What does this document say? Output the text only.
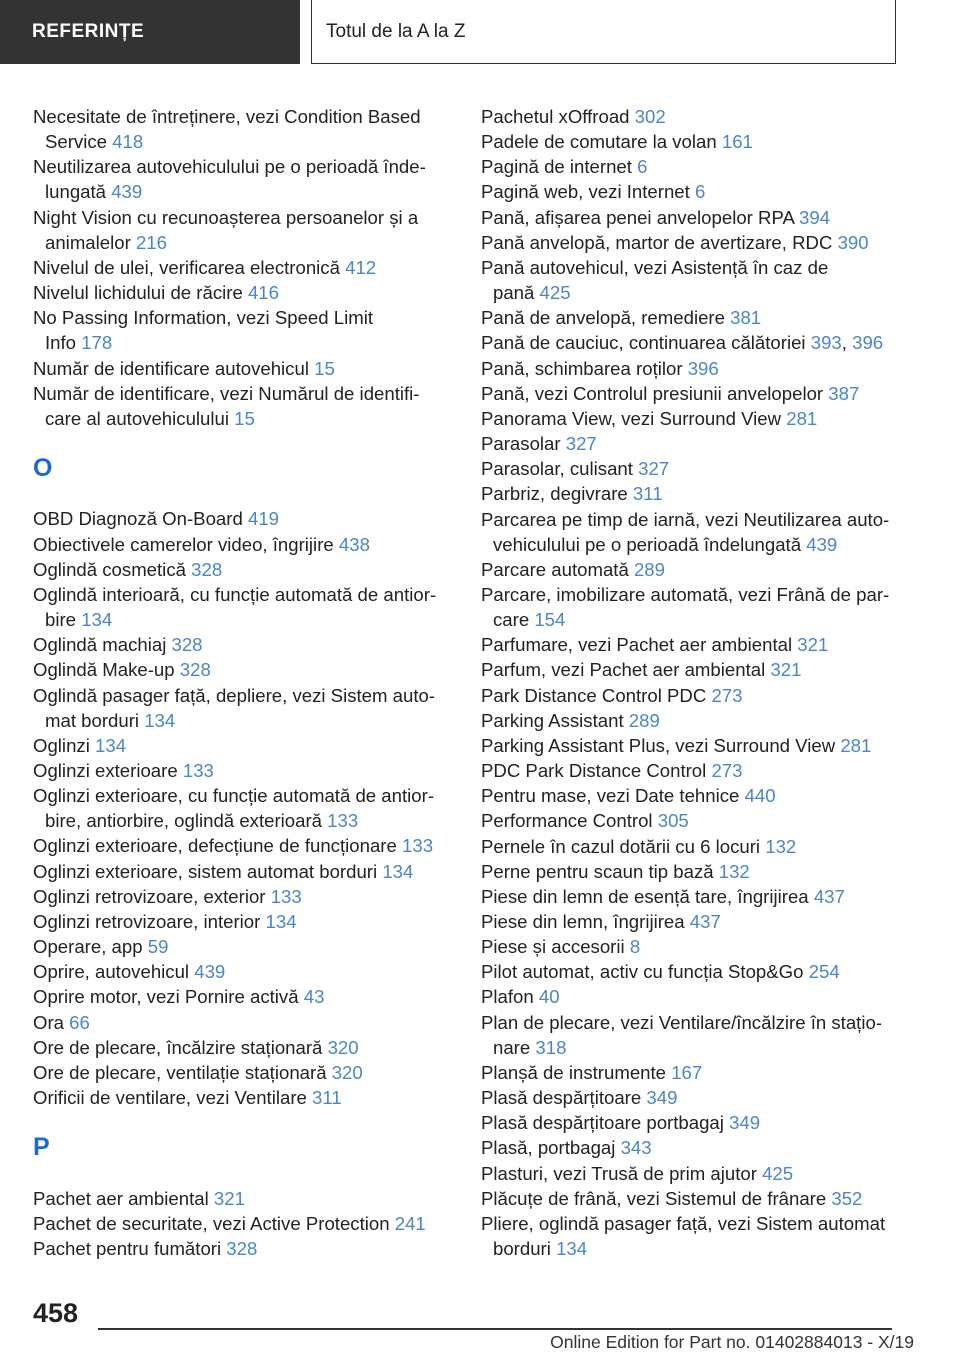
REFERINȚE	Totul de la A la Z
Necesitate de întreținere, vezi Condition Based
Service 418
Neutilizarea autovehiculului pe o perioadă înde‐
lungată 439
Night Vision cu recunoașterea persoanelor și a
animalelor 216
Nivelul de ulei, verificarea electronică 412
Nivelul lichidului de răcire 416
No Passing Information, vezi Speed Limit
Info 178
Număr de identificare autovehicul 15
Număr de identificare, vezi Numărul de identifi‐
care al autovehiculului 15
O
OBD Diagnoză On-Board 419
Obiectivele camerelor video, îngrijire 438
Oglindă cosmetică 328
Oglindă interioară, cu funcție automată de antior‐
bire 134
Oglindă machiaj 328
Oglindă Make-up 328
Oglindă pasager față, depliere, vezi Sistem auto‐
mat borduri 134
Oglinzi 134
Oglinzi exterioare 133
Oglinzi exterioare, cu funcție automată de antior‐
bire, antiorbire, oglindă exterioară 133
Oglinzi exterioare, defecțiune de funcționare 133
Oglinzi exterioare, sistem automat borduri 134
Oglinzi retrovizoare, exterior 133
Oglinzi retrovizoare, interior 134
Operare, app 59
Oprire, autovehicul 439
Oprire motor, vezi Pornire activă 43
Ora 66
Ore de plecare, încălzire staționară 320
Ore de plecare, ventilație staționară 320
Orificii de ventilare, vezi Ventilare 311
P
Pachet aer ambiental 321
Pachet de securitate, vezi Active Protection 241
Pachet pentru fumători 328
Pachetul xOffroad 302
Padele de comutare la volan 161
Pagină de internet 6
Pagină web, vezi Internet 6
Pană, afișarea penei anvelopelor RPA 394
Pană anvelopă, martor de avertizare, RDC 390
Pană autovehicul, vezi Asistență în caz de
pană 425
Pană de anvelopă, remediere 381
Pană de cauciuc, continuarea călătoriei 393, 396
Pană, schimbarea roților 396
Pană, vezi Controlul presiunii anvelopelor 387
Panorama View, vezi Surround View 281
Parasolar 327
Parasolar, culisant 327
Parbriz, degivrare 311
Parcarea pe timp de iarnă, vezi Neutilizarea auto‐
vehiculului pe o perioadă îndelungată 439
Parcare automată 289
Parcare, imobilizare automată, vezi Frână de par‐
care 154
Parfumare, vezi Pachet aer ambiental 321
Parfum, vezi Pachet aer ambiental 321
Park Distance Control PDC 273
Parking Assistant 289
Parking Assistant Plus, vezi Surround View 281
PDC Park Distance Control 273
Pentru mase, vezi Date tehnice 440
Performance Control 305
Pernele în cazul dotării cu 6 locuri 132
Perne pentru scaun tip bază 132
Piese din lemn de esență tare, îngrijirea 437
Piese din lemn, îngrijirea 437
Piese și accesorii 8
Pilot automat, activ cu funcția Stop&Go 254
Plafon 40
Plan de plecare, vezi Ventilare/încălzire în stațio‐
nare 318
Planșă de instrumente 167
Plasă despărțitoare 349
Plasă despărțitoare portbagaj 349
Plasă, portbagaj 343
Plasturi, vezi Trusă de prim ajutor 425
Plăcuțe de frână, vezi Sistemul de frânare 352
Pliere, oglindă pasager față, vezi Sistem automat
borduri 134
458
Online Edition for Part no. 01402884013 - X/19
